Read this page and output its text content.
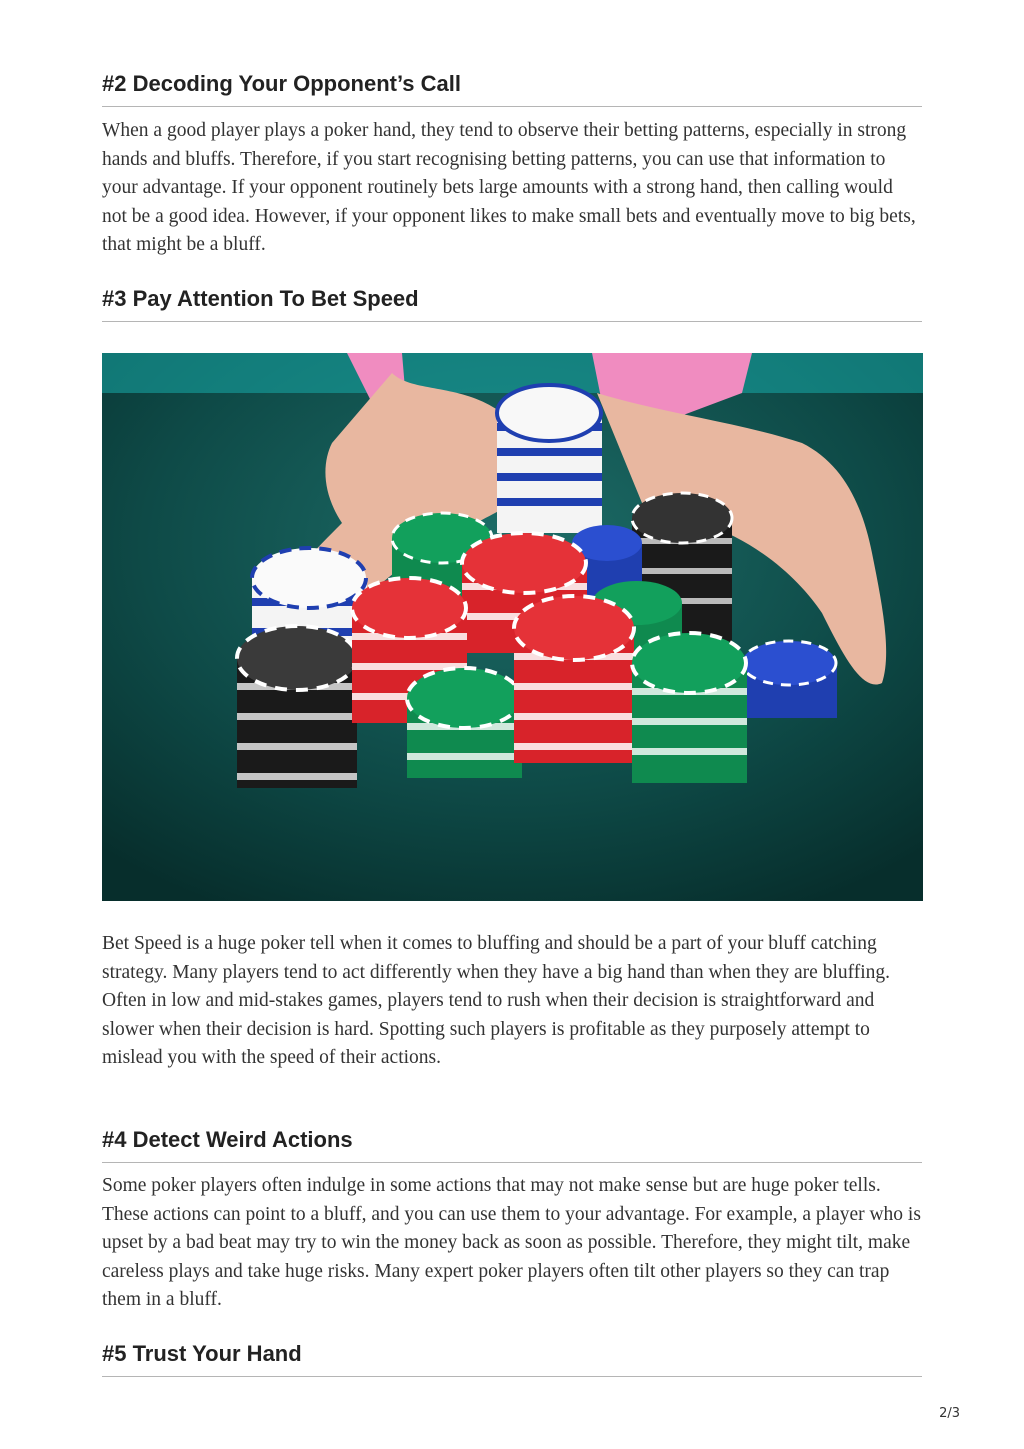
#2 Decoding Your Opponent’s Call

When a good player plays a poker hand, they tend to observe their betting patterns, especially in strong hands and bluffs. Therefore, if you start recognising betting patterns, you can use that information to your advantage. If your opponent routinely bets large amounts with a strong hand, then calling would not be a good idea. However, if your opponent likes to make small bets and eventually move to big bets, that might be a bluff.

#3 Pay Attention To Bet Speed

Bet Speed is a huge poker tell when it comes to bluffing and should be a part of your bluff catching strategy. Many players tend to act differently when they have a big hand than when they are bluffing. Often in low and mid-stakes games, players tend to rush when their decision is straightforward and slower when their decision is hard. Spotting such players is profitable as they purposely attempt to mislead you with the speed of their actions.

#4 Detect Weird Actions

Some poker players often indulge in some actions that may not make sense but are huge poker tells. These actions can point to a bluff, and you can use them to your advantage. For example, a player who is upset by a bad beat may try to win the money back as soon as possible. Therefore, they might tilt, make careless plays and take huge risks. Many expert poker players often tilt other players so they can trap them in a bluff.

#5 Trust Your Hand
2/3
